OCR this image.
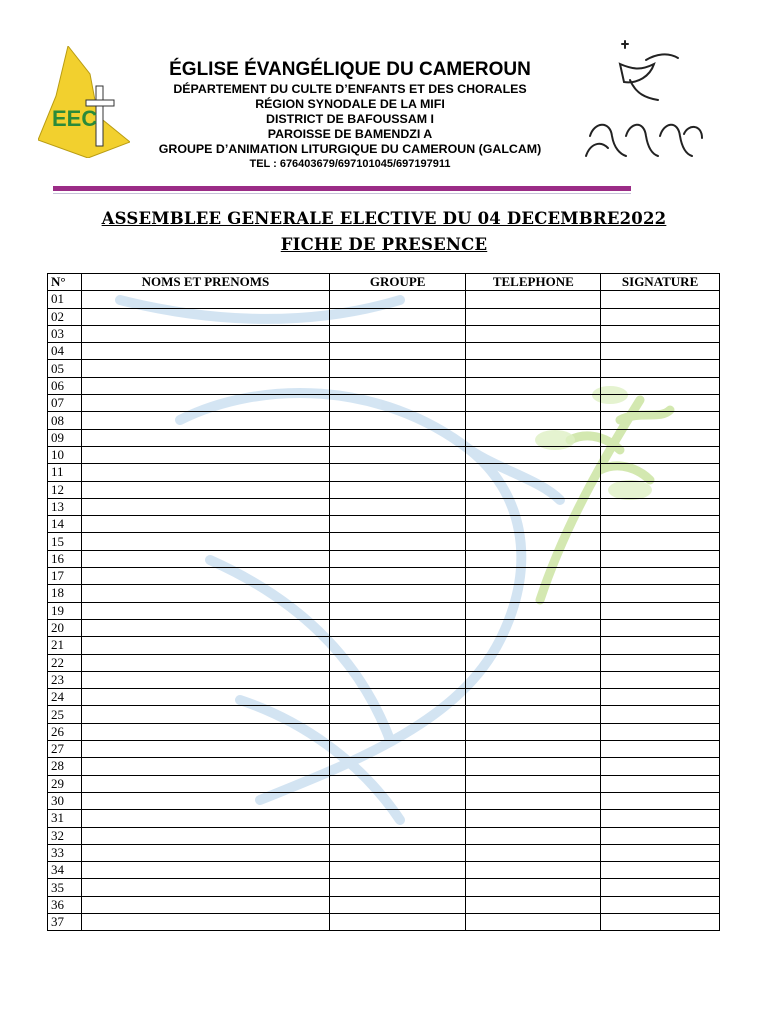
EEC
ÉGLISE ÉVANGÉLIQUE DU CAMEROUN
DÉPARTEMENT DU CULTE D’ENFANTS ET DES CHORALES
RÉGION SYNODALE DE LA MIFI
DISTRICT DE BAFOUSSAM I
PAROISSE DE BAMENDZI A
GROUPE D’ANIMATION LITURGIQUE DU CAMEROUN (GALCAM)
TEL : 676403679/697101045/697197911
ASSEMBLEE GENERALE ELECTIVE DU 04 DECEMBRE2022
FICHE DE PRESENCE
N°	NOMS ET PRENOMS	GROUPE	TELEPHONE	SIGNATURE
01				
02				
03				
04				
05				
06				
07				
08				
09				
10				
11				
12				
13				
14				
15				
16				
17				
18				
19				
20				
21				
22				
23				
24				
25				
26				
27				
28				
29				
30				
31				
32				
33				
34				
35				
36				
37				
